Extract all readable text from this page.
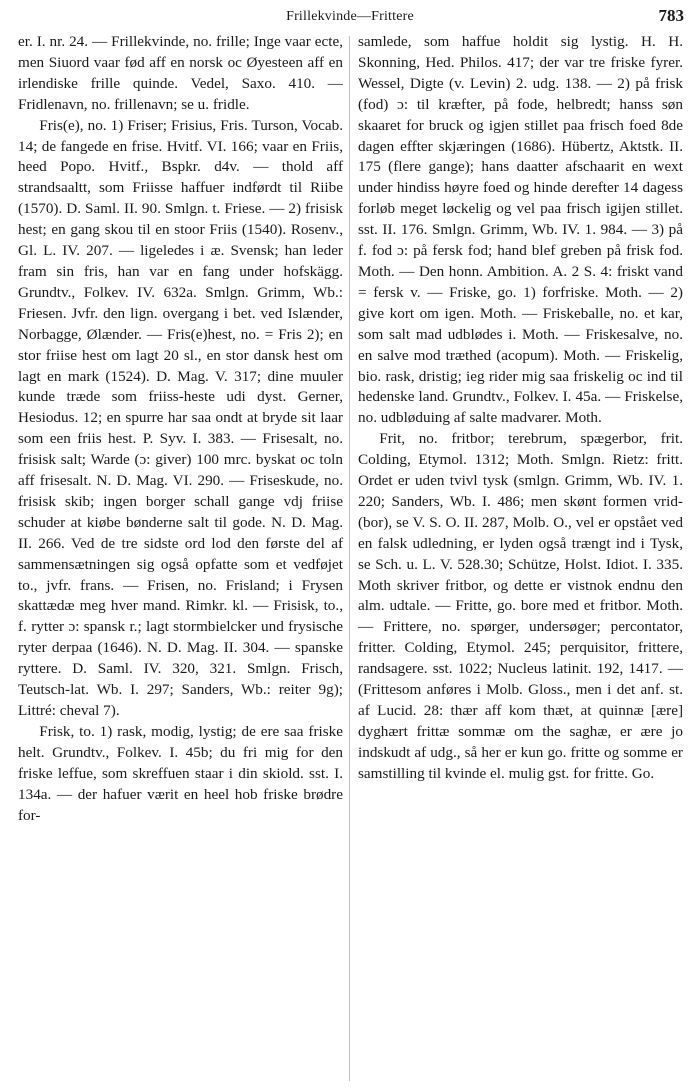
Frillekvinde—Frittere	783

er. I. nr. 24. — Frillekvinde, no. frille; Inge vaar ecte, men Siuord vaar fød aff en norsk oc Øyesteen aff en irlendiske frille quinde. Vedel, Saxo. 410. — Fridlenavn, no. frillenavn; se u. fridle.

Fris(e), no. 1) Friser; Frisius, Fris. Turson, Vocab. 14; de fangede en frise. Hvitf. VI. 166; vaar en Friis, heed Popo. Hvitf., Bspkr. d4v. — thold aff strandsaaltt, som Friisse haffuer indførdt til Riibe (1570). D. Saml. II. 90. Smlgn. t. Friese. — 2) frisisk hest; en gang skou til en stoor Friis (1540). Rosenv., Gl. L. IV. 207. — ligeledes i æ. Svensk; han leder fram sin fris, han var en fang under hofskägg. Grundtv., Folkev. IV. 632a. Smlgn. Grimm, Wb.: Friesen. Jvfr. den lign. overgang i bet. ved Islænder, Norbagge, Ølænder. — Fris(e)hest, no. = Fris 2); en stor friise hest om lagt 20 sl., en stor dansk hest om lagt en mark (1524). D. Mag. V. 317; dine muuler kunde træde som friiss-heste udi dyst. Gerner, Hesiodus. 12; en spurre har saa ondt at bryde sit laar som een friis hest. P. Syv. I. 383. — Frisesalt, no. frisisk salt; Warde (ɔ: giver) 100 mrc. byskat oc toln aff frisesalt. N. D. Mag. VI. 290. — Friseskude, no. frisisk skib; ingen borger schall gange vdj friise schuder at kiøbe bønderne salt til gode. N. D. Mag. II. 266. Ved de tre sidste ord lod den første del af sammensætningen sig også opfatte som et vedføjet to., jvfr. frans. — Frisen, no. Frisland; i Frysen skattædæ meg hver mand. Rimkr. kl. — Frisisk, to., f. rytter ɔ: spansk r.; lagt stormbielcker und frysische ryter derpaa (1646). N. D. Mag. II. 304. — spanske ryttere. D. Saml. IV. 320, 321. Smlgn. Frisch, Teutsch-lat. Wb. I. 297; Sanders, Wb.: reiter 9g); Littré: cheval 7).

Frisk, to. 1) rask, modig, lystig; de ere saa friske helt. Grundtv., Folkev. I. 45b; du fri mig for den friske leffue, som skreffuen staar i din skiold. sst. I. 134a. — der hafuer værit en heel hob friske brødre for-

samlede, som haffue holdit sig lystig. H. H. Skonning, Hed. Philos. 417; der var tre friske fyrer. Wessel, Digte (v. Levin) 2. udg. 138. — 2) på frisk (fod) ɔ: til kræfter, på fode, helbredt; hanss søn skaaret for bruck og igjen stillet paa frisch foed 8de dagen effter skjæringen (1686). Hübertz, Aktstk. II. 175 (flere gange); hans daatter afschaarit en wext under hindiss høyre foed og hinde derefter 14 dagess forløb meget løckelig og vel paa frisch igijen stillet. sst. II. 176. Smlgn. Grimm, Wb. IV. 1. 984. — 3) på f. fod ɔ: på fersk fod; hand blef greben på frisk fod. Moth. — Den honn. Ambition. A. 2 S. 4: friskt vand = fersk v. — Friske, go. 1) forfriske. Moth. — 2) give kort om igen. Moth. — Friskeballe, no. et kar, som salt mad udblødes i. Moth. — Friskesalve, no. en salve mod træthed (acopum). Moth. — Friskelig, bio. rask, dristig; ieg rider mig saa friskelig oc ind til hedenske land. Grundtv., Folkev. I. 45a. — Friskelse, no. udbløduing af salte madvarer. Moth.

Frit, no. fritbor; terebrum, spægerbor, frit. Colding, Etymol. 1312; Moth. Smlgn. Rietz: fritt. Ordet er uden tvivl tysk (smlgn. Grimm, Wb. IV. 1. 220; Sanders, Wb. I. 486; men skønt formen vrid-(bor), se V. S. O. II. 287, Molb. O., vel er opstået ved en falsk udledning, er lyden også trængt ind i Tysk, se Sch. u. L. V. 528.30; Schütze, Holst. Idiot. I. 335. Moth skriver fritbor, og dette er vistnok endnu den alm. udtale. — Fritte, go. bore med et fritbor. Moth. — Frittere, no. spørger, undersøger; percontator, fritter. Colding, Etymol. 245; perquisitor, frittere, randsagere. sst. 1022; Nucleus latinit. 192, 1417. — (Frittesom anføres i Molb. Gloss., men i det anf. st. af Lucid. 28: thær aff kom thæt, at quinnæ [ære] dyghært frittæ sommæ om the saghæ, er ære jo indskudt af udg., så her er kun go. fritte og somme er samstilling til kvinde el. mulig gst. for fritte. Go.
